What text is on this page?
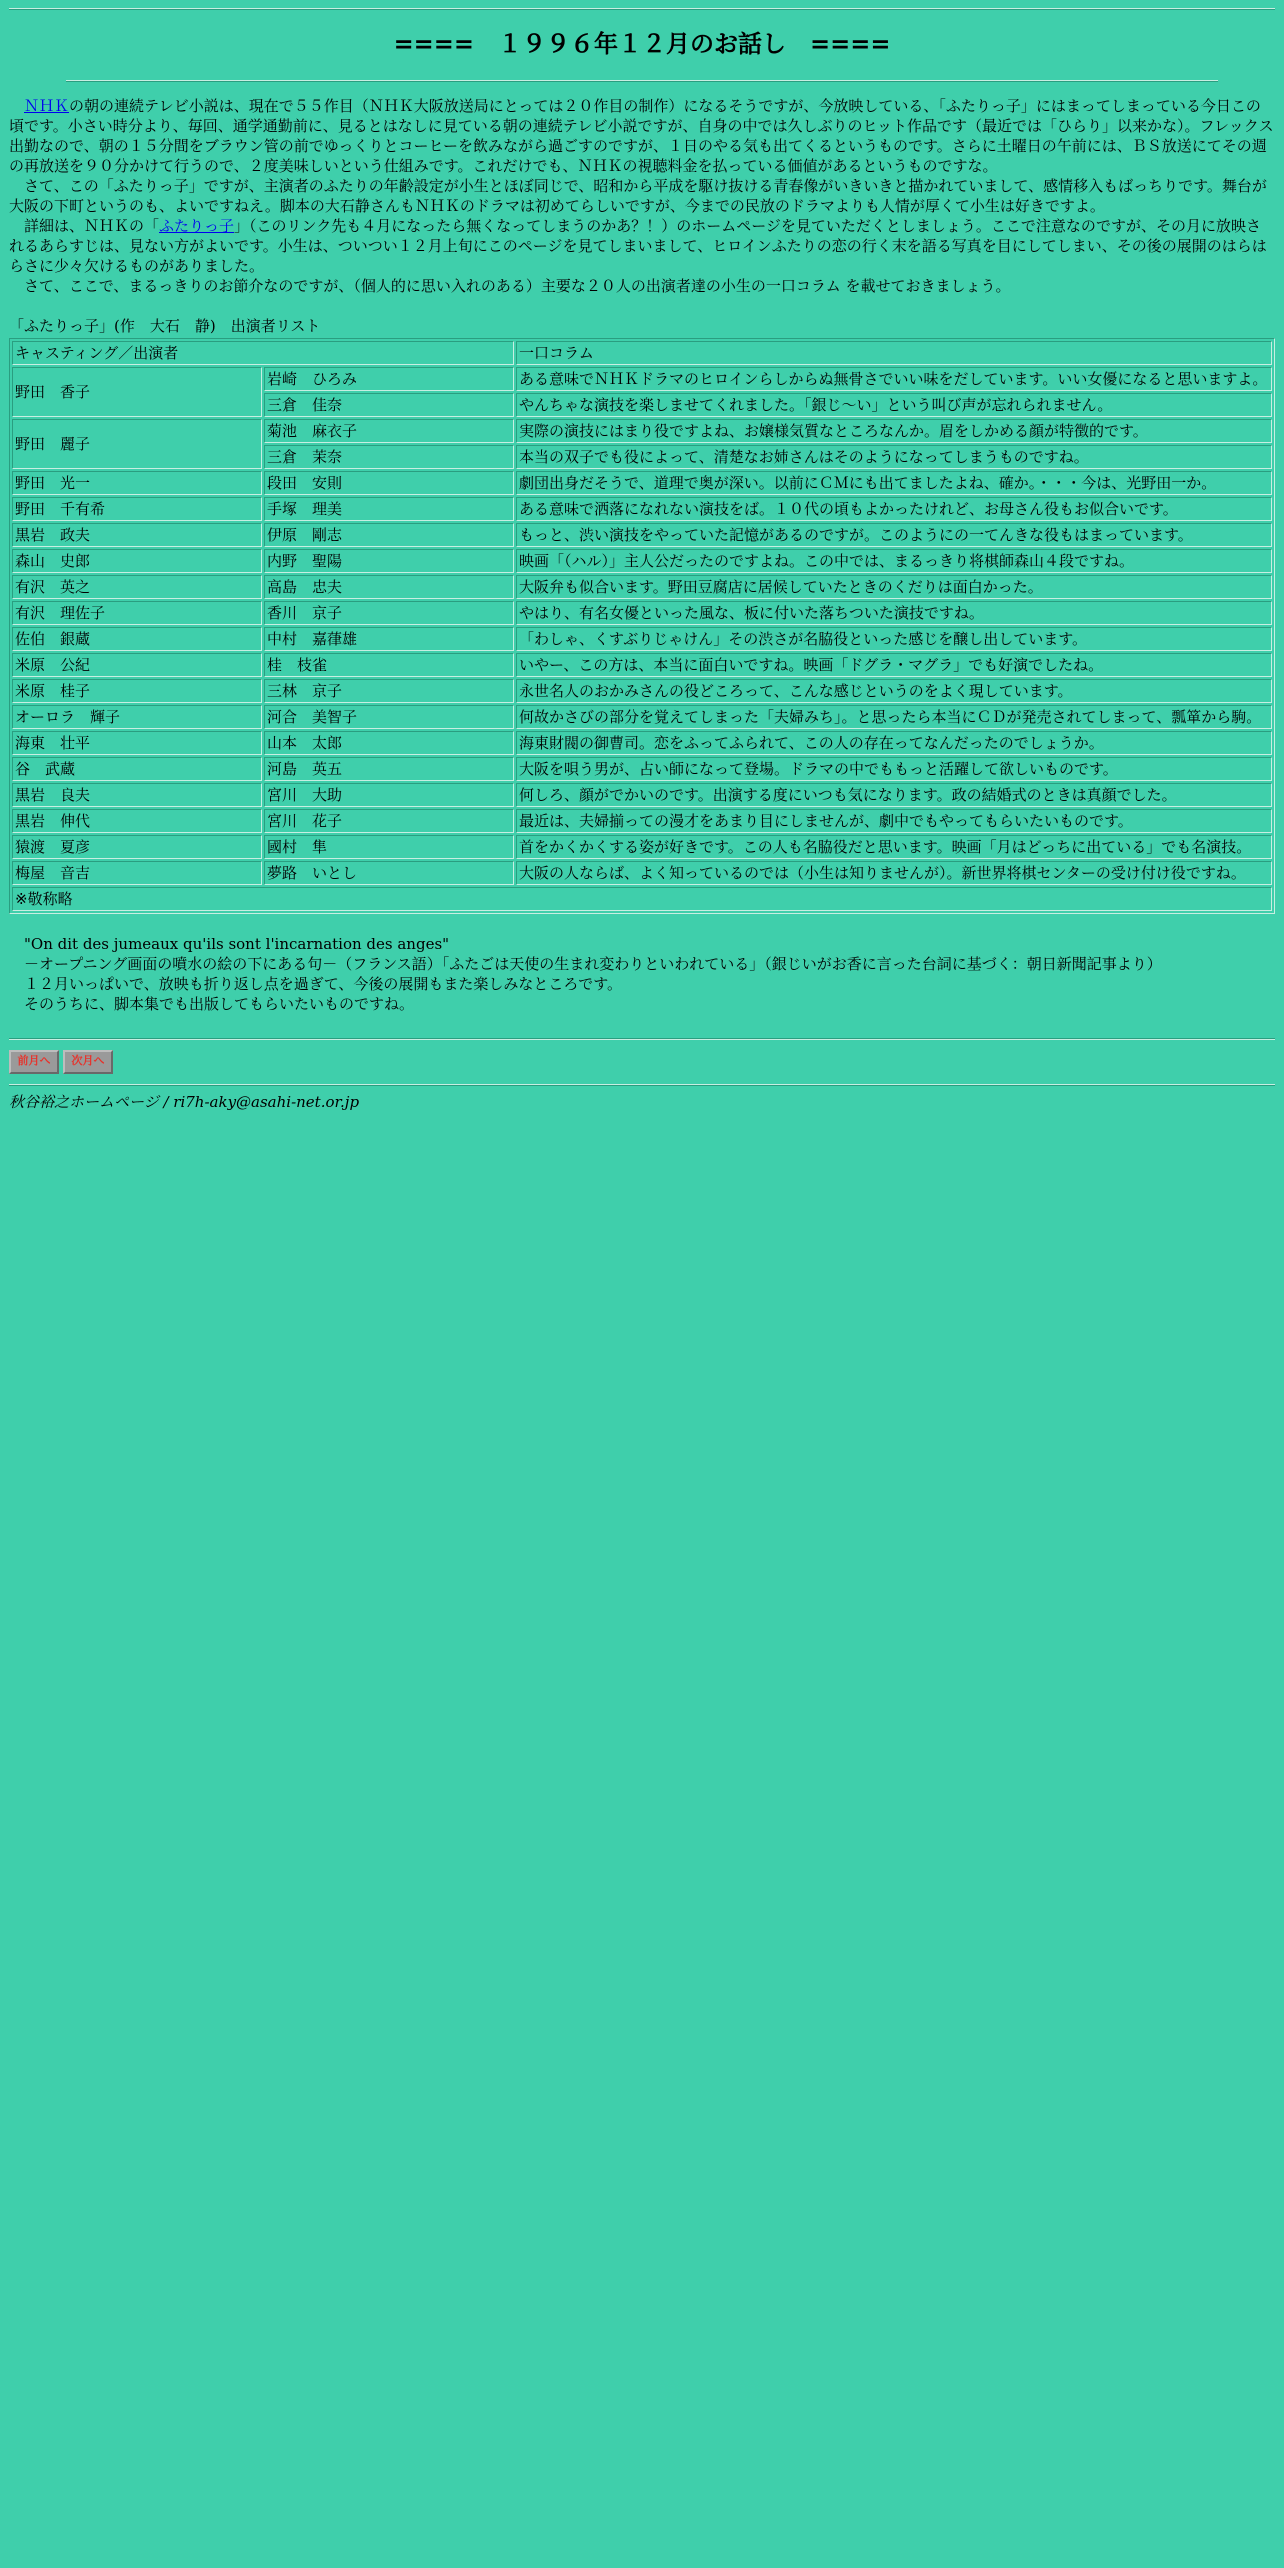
====　１９９６年１２月のお話し　====

ＮＨＫの朝の連続テレビ小説は、現在で５５作目（ＮＨＫ大阪放送局にとっては２０作目の制作）になるそうですが、今放映している、「ふたりっ子」にはまってしまっている今日この頃です。小さい時分より、毎回、通学通勤前に、見るとはなしに見ている朝の連続テレビ小説ですが、自身の中では久しぶりのヒット作品です（最近では「ひらり」以来かな）。フレックス出勤なので、朝の１５分間をブラウン管の前でゆっくりとコーヒーを飲みながら過ごすのですが、１日のやる気も出てくるというものです。さらに土曜日の午前には、ＢＳ放送にてその週の再放送を９０分かけて行うので、２度美味しいという仕組みです。これだけでも、ＮＨＫの視聴料金を払っている価値があるというものですな。

さて、この「ふたりっ子」ですが、主演者のふたりの年齢設定が小生とほぼ同じで、昭和から平成を駆け抜ける青春像がいきいきと描かれていまして、感情移入もばっちりです。舞台が大阪の下町というのも、よいですねえ。脚本の大石静さんもＮＨＫのドラマは初めてらしいですが、今までの民放のドラマよりも人情が厚くて小生は好きですよ。

詳細は、ＮＨＫの「ふたりっ子」（このリンク先も４月になったら無くなってしまうのかあ？！）のホームページを見ていただくとしましょう。ここで注意なのですが、その月に放映されるあらすじは、見ない方がよいです。小生は、ついつい１２月上旬にこのページを見てしまいまして、ヒロインふたりの恋の行く末を語る写真を目にしてしまい、その後の展開のはらはらさに少々欠けるものがありました。

さて、ここで、まるっきりのお節介なのですが、（個人的に思い入れのある）主要な２０人の出演者達の小生の一口コラム を載せておきましょう。

「ふたりっ子」(作　大石　静)　出演者リスト
キャスティング／出演者		一口コラム
野田　香子	岩崎　ひろみ	ある意味でＮＨＫドラマのヒロインらしからぬ無骨さでいい味をだしています。いい女優になると思いますよ。
	三倉　佳奈	やんちゃな演技を楽しませてくれました。「銀じ～い」という叫び声が忘れられません。
野田　麗子	菊池　麻衣子	実際の演技にはまり役ですよね、お嬢様気質なところなんか。眉をしかめる顔が特徴的です。
	三倉　茉奈	本当の双子でも役によって、清楚なお姉さんはそのようになってしまうものですね。
野田　光一	段田　安則	劇団出身だそうで、道理で奥が深い。以前にＣＭにも出てましたよね、確か。・・・今は、光野田一か。
野田　千有希	手塚　理美	ある意味で洒落になれない演技をば。１０代の頃もよかったけれど、お母さん役もお似合いです。
黒岩　政夫	伊原　剛志	もっと、渋い演技をやっていた記憶があるのですが。このようにの一てんきな役もはまっています。
森山　史郎	内野　聖陽	映画「（ハル）」主人公だったのですよね。この中では、まるっきり将棋師森山４段ですね。
有沢　英之	高島　忠夫	大阪弁も似合います。野田豆腐店に居候していたときのくだりは面白かった。
有沢　理佐子	香川　京子	やはり、有名女優といった風な、板に付いた落ちついた演技ですね。
佐伯　銀蔵	中村　嘉葎雄	「わしゃ、くすぶりじゃけん」その渋さが名脇役といった感じを醸し出しています。
米原　公紀	桂　枝雀	いやー、この方は、本当に面白いですね。映画「ドグラ・マグラ」でも好演でしたね。
米原　桂子	三林　京子	永世名人のおかみさんの役どころって、こんな感じというのをよく現しています。
オーロラ　輝子	河合　美智子	何故かさびの部分を覚えてしまった「夫婦みち」。と思ったら本当にＣＤが発売されてしまって、瓢箪から駒。
海東　壮平	山本　太郎	海東財閥の御曹司。恋をふってふられて、この人の存在ってなんだったのでしょうか。
谷　武蔵	河島　英五	大阪を唄う男が、占い師になって登場。ドラマの中でももっと活躍して欲しいものです。
黒岩　良夫	宮川　大助	何しろ、顔がでかいのです。出演する度にいつも気になります。政の結婚式のときは真顔でした。
黒岩　伸代	宮川　花子	最近は、夫婦揃っての漫才をあまり目にしませんが、劇中でもやってもらいたいものです。
猿渡　夏彦	國村　隼	首をかくかくする姿が好きです。この人も名脇役だと思います。映画「月はどっちに出ている」でも名演技。
梅屋　音吉	夢路　いとし	大阪の人ならば、よく知っているのでは（小生は知りませんが）。新世界将棋センターの受け付け役ですね。
※敬称略		
"On dit des jumeaux qu'ils sont l'incarnation des anges"
－オープニング画面の噴水の絵の下にある句－（フランス語）「ふたごは天使の生まれ変わりといわれている」（銀じいがお香に言った台詞に基づく：朝日新聞記事より）
１２月いっぱいで、放映も折り返し点を過ぎて、今後の展開もまた楽しみなところです。
そのうちに、脚本集でも出版してもらいたいものですね。
前月へ	次月へ
秋谷裕之ホームページ / ri7h-aky@asahi-net.or.jp
